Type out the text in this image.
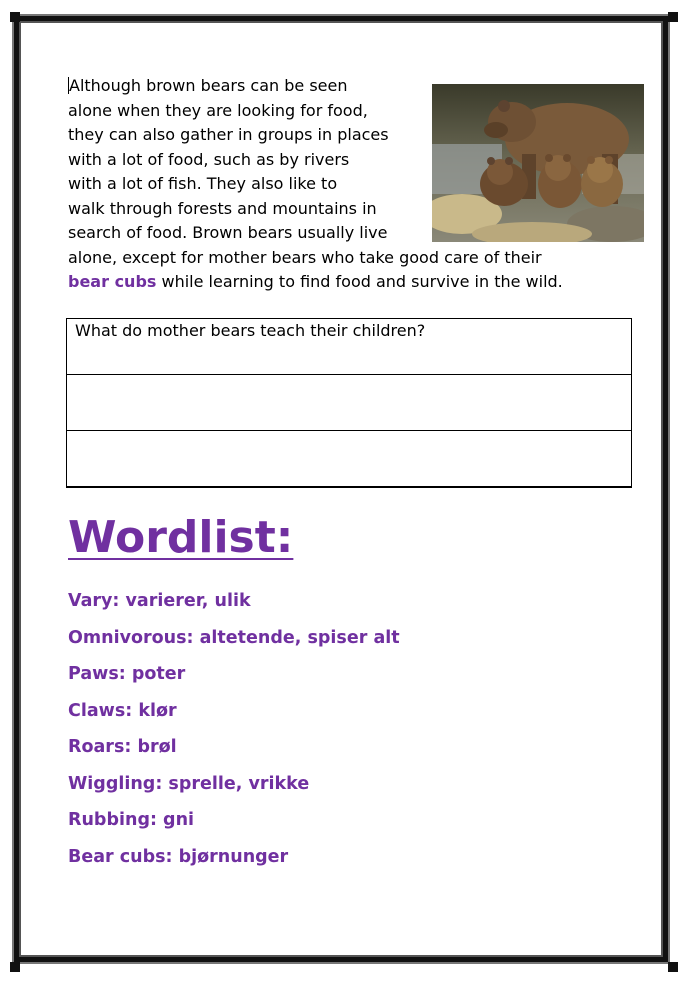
Although brown bears can be seen
alone when they are looking for food,
they can also gather in groups in places
with a lot of food, such as by rivers
with a lot of fish. They also like to
walk through forests and mountains in
search of food. Brown bears usually live
alone, except for mother bears who take good care of their
bear cubs while learning to find food and survive in the wild.
What do mother bears teach their children?
Wordlist:
Vary: varierer, ulik
Omnivorous: altetende, spiser alt
Paws: poter
Claws: klør
Roars: brøl
Wiggling: sprelle, vrikke
Rubbing: gni
Bear cubs: bjørnunger
